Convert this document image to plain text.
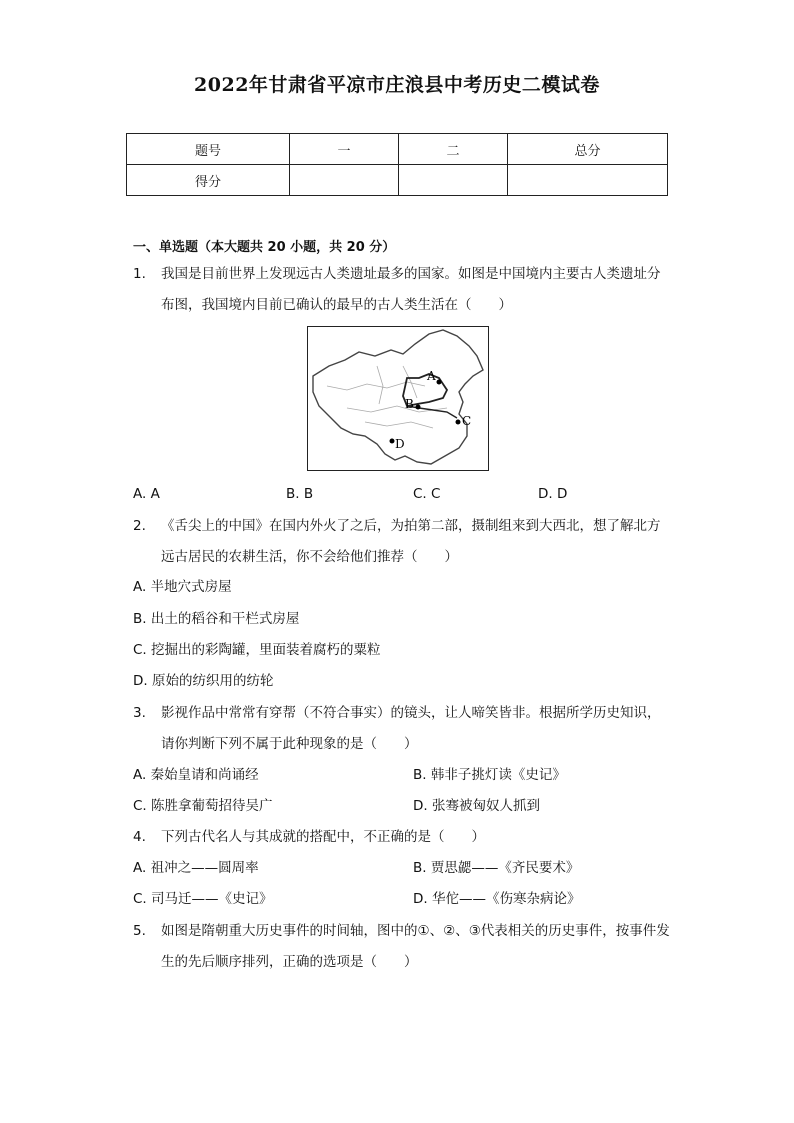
2022年甘肃省平凉市庄浪县中考历史二模试卷
题号	一	二	总分
得分			
一、单选题（本大题共 20 小题，共 20 分）
1. 我国是目前世界上发现远古人类遗址最多的国家。如图是中国境内主要古人类遗址分布图，我国境内目前已确认的最早的古人类生活在（　　）
A
B
C
D
A. A	B. B	C. C	D. D
2. 《舌尖上的中国》在国内外火了之后，为拍第二部，摄制组来到大西北，想了解北方远古居民的农耕生活，你不会给他们推荐（　　）
A. 半地穴式房屋
B. 出土的稻谷和干栏式房屋
C. 挖掘出的彩陶罐，里面装着腐朽的粟粒
D. 原始的纺织用的纺轮
3. 影视作品中常常有穿帮（不符合事实）的镜头，让人啼笑皆非。根据所学历史知识，请你判断下列不属于此种现象的是（　　）
A. 秦始皇请和尚诵经	B. 韩非子挑灯读《史记》
C. 陈胜拿葡萄招待吴广	D. 张骞被匈奴人抓到
4. 下列古代名人与其成就的搭配中，不正确的是（　　）
A. 祖冲之——圆周率	B. 贾思勰——《齐民要术》
C. 司马迁——《史记》	D. 华佗——《伤寒杂病论》
5. 如图是隋朝重大历史事件的时间轴，图中的①、②、③代表相关的历史事件，按事件发生的先后顺序排列，正确的选项是（　　）
